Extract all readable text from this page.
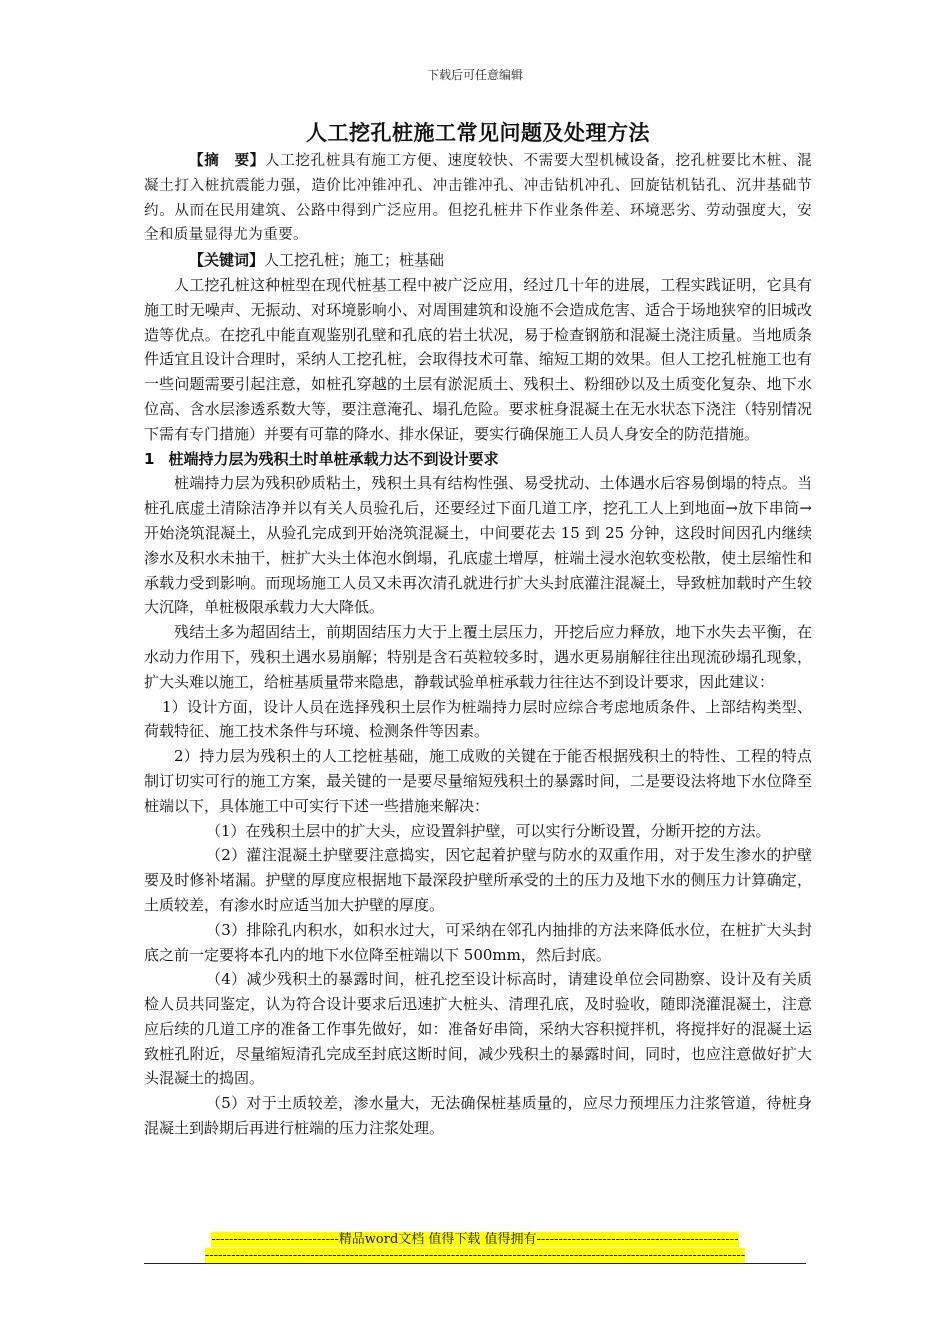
下载后可任意编辑
人工挖孔桩施工常见问题及处理方法

【摘　要】人工挖孔桩具有施工方便、速度较快、不需要大型机械设备，挖孔桩要比木桩、混凝土打入桩抗震能力强，造价比冲锥冲孔、冲击锥冲孔、冲击钻机冲孔、回旋钻机钻孔、沉井基础节约。从而在民用建筑、公路中得到广泛应用。但挖孔桩井下作业条件差、环境恶劣、劳动强度大，安全和质量显得尤为重要。

【关键词】人工挖孔桩；施工；桩基础

人工挖孔桩这种桩型在现代桩基工程中被广泛应用，经过几十年的进展，工程实践证明，它具有施工时无噪声、无振动、对环境影响小、对周围建筑和设施不会造成危害、适合于场地狭窄的旧城改造等优点。在挖孔中能直观鉴别孔壁和孔底的岩土状况，易于检查钢筋和混凝土浇注质量。当地质条件适宜且设计合理时，采纳人工挖孔桩，会取得技术可靠、缩短工期的效果。但人工挖孔桩施工也有一些问题需要引起注意，如桩孔穿越的土层有淤泥质土、残积土、粉细砂以及土质变化复杂、地下水位高、含水层渗透系数大等，要注意淹孔、塌孔危险。要求桩身混凝土在无水状态下浇注（特别情况下需有专门措施）并要有可靠的降水、排水保证，要实行确保施工人员人身安全的防范措施。

1 桩端持力层为残积土时单桩承载力达不到设计要求

桩端持力层为残积砂质粘土，残积土具有结构性强、易受扰动、土体遇水后容易倒塌的特点。当桩孔底虚土清除洁净并以有关人员验孔后，还要经过下面几道工序，挖孔工人上到地面→放下串筒→开始浇筑混凝土，从验孔完成到开始浇筑混凝土，中间要花去 15 到 25 分钟，这段时间因孔内继续渗水及积水未抽干，桩扩大头土体泡水倒塌，孔底虚土增厚，桩端土浸水泡软变松散，使土层缩性和承载力受到影响。而现场施工人员又未再次清孔就进行扩大头封底灌注混凝土，导致桩加载时产生较大沉降，单桩极限承载力大大降低。

残结土多为超固结土，前期固结压力大于上覆土层压力，开挖后应力释放，地下水失去平衡，在水动力作用下，残积土遇水易崩解；特别是含石英粒较多时，遇水更易崩解往往出现流砂塌孔现象，扩大头难以施工，给桩基质量带来隐患，静载试验单桩承载力往往达不到设计要求，因此建议：

1）设计方面，设计人员在选择残积土层作为桩端持力层时应综合考虑地质条件、上部结构类型、荷载特征、施工技术条件与环境、检测条件等因素。

2）持力层为残积土的人工挖桩基础，施工成败的关键在于能否根据残积土的特性、工程的特点制订切实可行的施工方案，最关键的一是要尽量缩短残积土的暴露时间，二是要设法将地下水位降至桩端以下，具体施工中可实行下述一些措施来解决：

（1）在残积土层中的扩大头，应设置斜护壁，可以实行分断设置，分断开挖的方法。

（2）灌注混凝土护壁要注意捣实，因它起着护壁与防水的双重作用，对于发生渗水的护壁要及时修补堵漏。护壁的厚度应根据地下最深段护壁所承受的土的压力及地下水的侧压力计算确定，土质较差，有渗水时应适当加大护壁的厚度。

（3）排除孔内积水，如积水过大，可采纳在邻孔内抽排的方法来降低水位，在桩扩大头封底之前一定要将本孔内的地下水位降至桩端以下 500mm，然后封底。

（4）减少残积土的暴露时间，桩孔挖至设计标高时，请建设单位会同勘察、设计及有关质检人员共同鉴定，认为符合设计要求后迅速扩大桩头、清理孔底，及时验收，随即浇灌混凝土，注意应后续的几道工序的准备工作事先做好，如：准备好串筒，采纳大容积搅拌机，将搅拌好的混凝土运致桩孔附近，尽量缩短清孔完成至封底这断时间，减少残积土的暴露时间，同时，也应注意做好扩大头混凝土的捣固。

（5）对于土质较差，渗水量大，无法确保桩基质量的，应尽力预埋压力注浆管道，待桩身混凝土到龄期后再进行桩端的压力注浆处理。

-----------------------------精品word文档 值得下载 值得拥有----------------------------------------------
---------------------------------------------------------------------------------------------------------------------------
